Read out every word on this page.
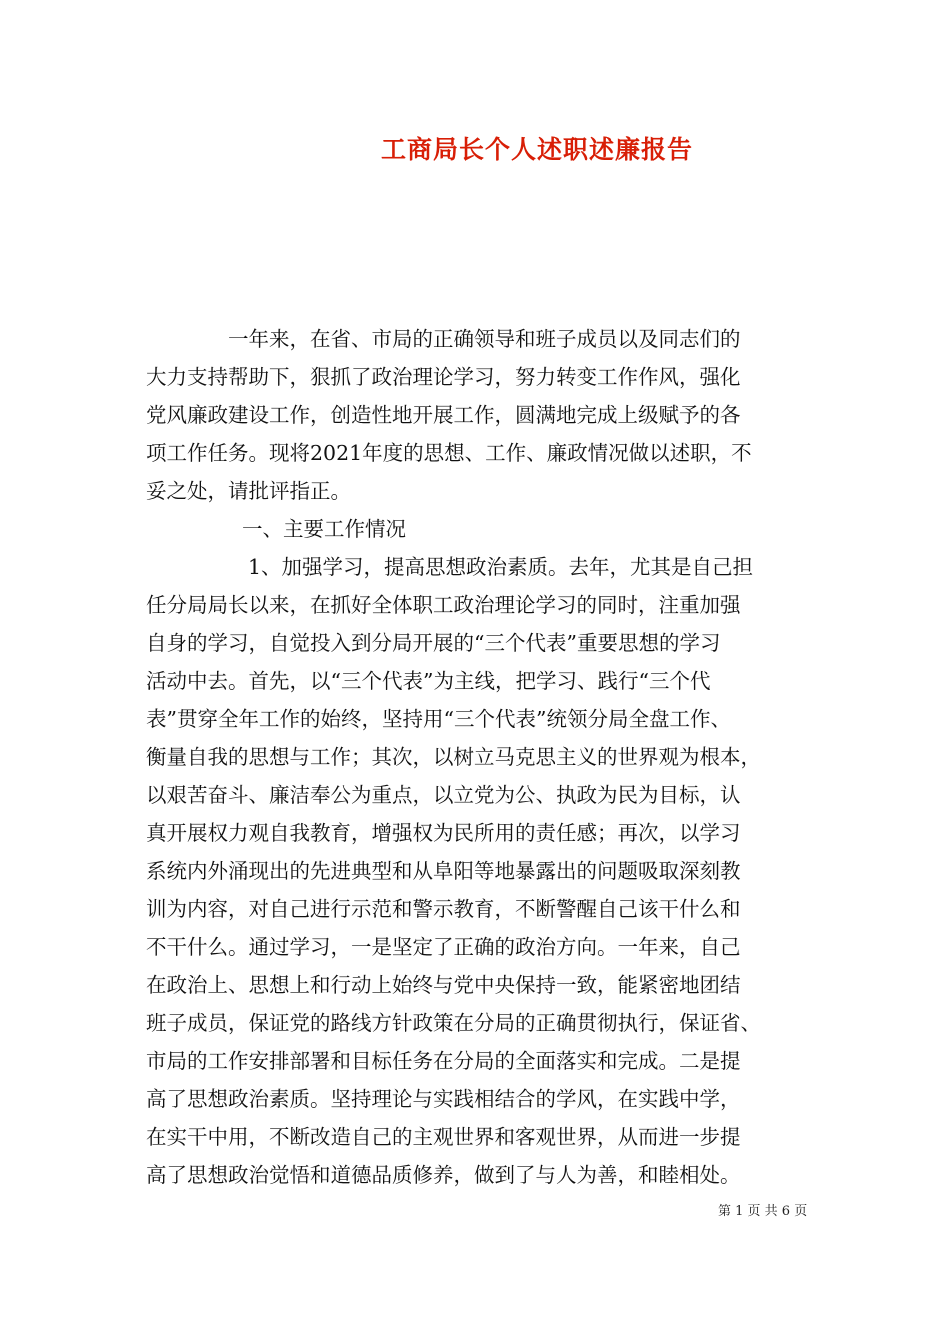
工商局长个人述职述廉报告
一年来，在省、市局的正确领导和班子成员以及同志们的
大力支持帮助下，狠抓了政治理论学习，努力转变工作作风，强化
党风廉政建设工作，创造性地开展工作，圆满地完成上级赋予的各
项工作任务。现将2021年度的思想、工作、廉政情况做以述职，不
妥之处，请批评指正。
一、主要工作情况
1、加强学习，提高思想政治素质。去年，尤其是自己担
任分局局长以来，在抓好全体职工政治理论学习的同时，注重加强
自身的学习，自觉投入到分局开展的“三个代表”重要思想的学习
活动中去。首先，以“三个代表”为主线，把学习、践行“三个代
表”贯穿全年工作的始终，坚持用“三个代表”统领分局全盘工作、
衡量自我的思想与工作；其次，以树立马克思主义的世界观为根本，
以艰苦奋斗、廉洁奉公为重点，以立党为公、执政为民为目标，认
真开展权力观自我教育，增强权为民所用的责任感；再次，以学习
系统内外涌现出的先进典型和从阜阳等地暴露出的问题吸取深刻教
训为内容，对自己进行示范和警示教育，不断警醒自己该干什么和
不干什么。通过学习，一是坚定了正确的政治方向。一年来，自己
在政治上、思想上和行动上始终与党中央保持一致，能紧密地团结
班子成员，保证党的路线方针政策在分局的正确贯彻执行，保证省、
市局的工作安排部署和目标任务在分局的全面落实和完成。二是提
高了思想政治素质。坚持理论与实践相结合的学风，在实践中学，
在实干中用，不断改造自己的主观世界和客观世界，从而进一步提
高了思想政治觉悟和道德品质修养，做到了与人为善，和睦相处。
第 1 页 共 6 页
